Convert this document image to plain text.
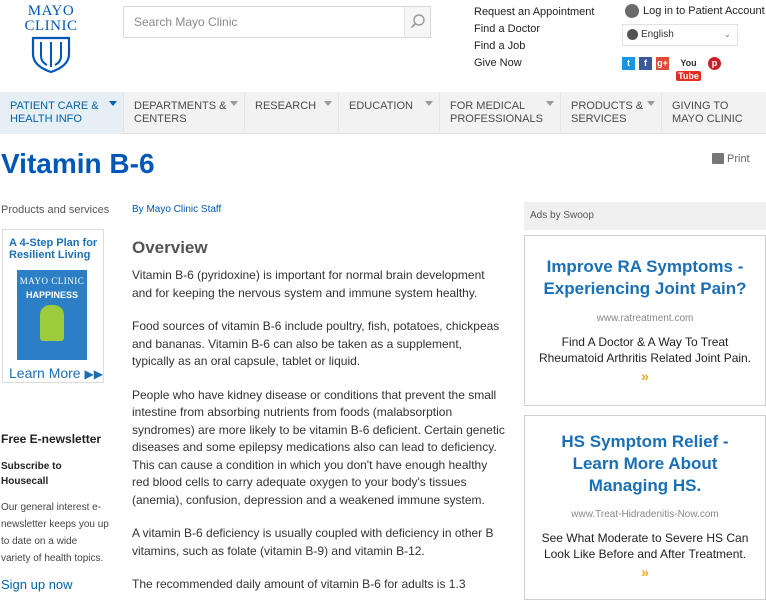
MAYO
CLINIC
Search Mayo Clinic
Request an Appointment
Find a Doctor
Find a Job
Give Now
Log in to Patient Account
English	⌄
t f g+ YouTubep
PATIENT CARE & HEALTH INFO
DEPARTMENTS & CENTERS
RESEARCH	EDUCATION	FOR MEDICAL PROFESSIONALS
PRODUCTS & SERVICES
GIVING TO MAYO CLINIC
Vitamin B-6	Print
Products and services
A 4-Step Plan for Resilient Living
MAYO CLINIC
HAPPINESS
Learn More ▶▶
Free E-newsletter
Subscribe to Housecall
Our general interest e-newsletter keeps you up to date on a wide variety of health topics.
Sign up now
By Mayo Clinic Staff
Overview

Vitamin B-6 (pyridoxine) is important for normal brain development and for keeping the nervous system and immune system healthy.

Food sources of vitamin B-6 include poultry, fish, potatoes, chickpeas and bananas. Vitamin B-6 can also be taken as a supplement, typically as an oral capsule, tablet or liquid.

People who have kidney disease or conditions that prevent the small intestine from absorbing nutrients from foods (malabsorption syndromes) are more likely to be vitamin B-6 deficient. Certain genetic diseases and some epilepsy medications also can lead to deficiency. This can cause a condition in which you don't have enough healthy red blood cells to carry adequate oxygen to your body's tissues (anemia), confusion, depression and a weakened immune system.

A vitamin B-6 deficiency is usually coupled with deficiency in other B vitamins, such as folate (vitamin B-9) and vitamin B-12.

The recommended daily amount of vitamin B-6 for adults is 1.3

Ads by Swoop
Improve RA Symptoms - Experiencing Joint Pain?
www.ratreatment.com
Find A Doctor & A Way To Treat Rheumatoid Arthritis Related Joint Pain.
»
HS Symptom Relief - Learn More About Managing HS.
www.Treat-Hidradenitis-Now.com
See What Moderate to Severe HS Can Look Like Before and After Treatment.
»
